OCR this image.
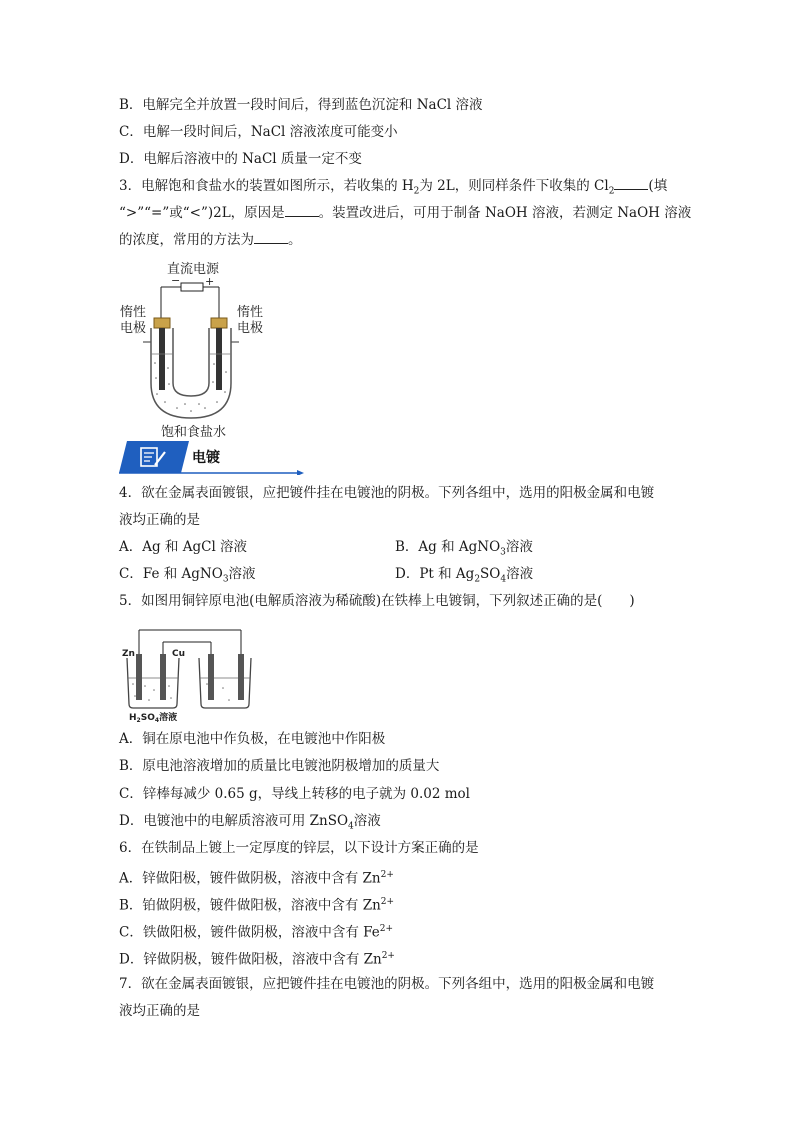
B．电解完全并放置一段时间后，得到蓝色沉淀和 NaCl 溶液
C．电解一段时间后，NaCl 溶液浓度可能变小
D．电解后溶液中的 NaCl 质量一定不变
3．电解饱和食盐水的装置如图所示，若收集的 $H_2$为 2L，则同样条件下收集的 $Cl_2$	(填
“>”“=”或“<”)2L，原因是	。装置改进后，可用于制备 NaOH 溶液，若测定 NaOH 溶液
的浓度，常用的方法为	。
直流电源
− +
惰性
电极
惰性
电极
饱和食盐水
电镀
4．欲在金属表面镀银，应把镀件挂在电镀池的阴极。下列各组中，选用的阳极金属和电镀
液均正确的是
A．Ag 和 AgCl 溶液	B．Ag 和 AgNO$_3$溶液
C．Fe 和 AgNO$_3$溶液	D．Pt 和 $Ag_2SO_4$溶液
5．如图用铜锌原电池(电解质溶液为稀硫酸)在铁棒上电镀铜，下列叙述正确的是(　　)
Zn	Cu
$H_2SO_4$溶液
A．铜在原电池中作负极，在电镀池中作阳极
B．原电池溶液增加的质量比电镀池阴极增加的质量大
C．锌棒每减少 0.65 g，导线上转移的电子就为 0.02 mol
D．电镀池中的电解质溶液可用 ZnSO$_4$溶液
6．在铁制品上镀上一定厚度的锌层，以下设计方案正确的是
A．锌做阳极，镀件做阴极，溶液中含有 $Zn^{2+}$
B．铂做阴极，镀件做阳极，溶液中含有 $Zn^{2+}$
C．铁做阳极，镀件做阴极，溶液中含有 $Fe^{2+}$
D．锌做阴极，镀件做阳极，溶液中含有 $Zn^{2+}$
7．欲在金属表面镀银，应把镀件挂在电镀池的阴极。下列各组中，选用的阳极金属和电镀
液均正确的是
